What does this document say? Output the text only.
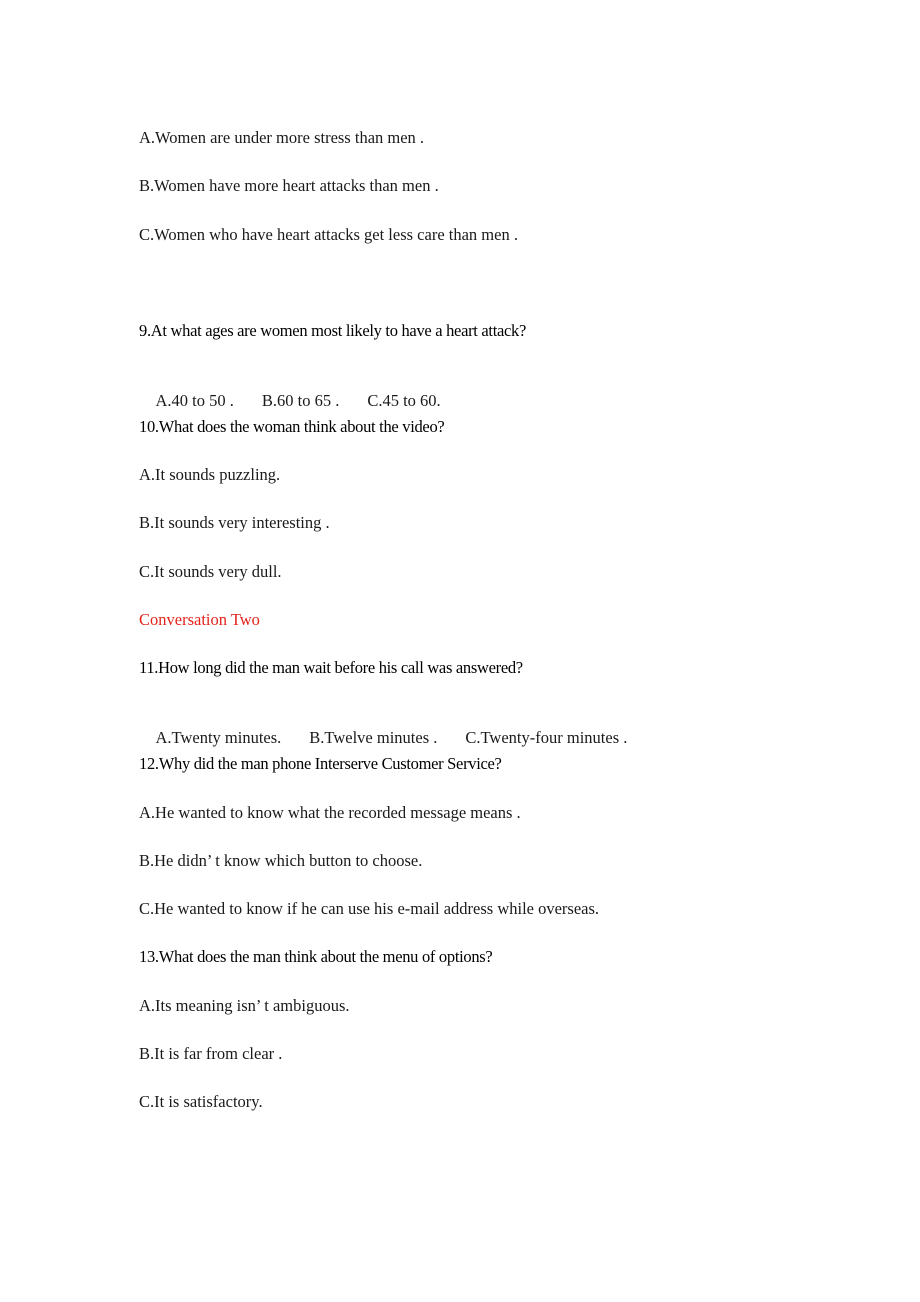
A.Women are under more stress than men .
B.Women have more heart attacks than men .
C.Women who have heart attacks get less care than men .
9.At what ages are women most likely to have a heart attack?

A.40 to 50 . B.60 to 65 . C.45 to 60.

10.What does the woman think about the video?
A.It sounds puzzling.
B.It sounds very interesting .
C.It sounds very dull.
Conversation Two
11.How long did the man wait before his call was answered?

A.Twenty minutes. B.Twelve minutes . C.Twenty-four minutes .

12.Why did the man phone Interserve Customer Service?
A.He wanted to know what the recorded message means .
B.He didn’ t know which button to choose.
C.He wanted to know if he can use his e-mail address while overseas.
13.What does the man think about the menu of options?
A.Its meaning isn’ t ambiguous.
B.It is far from clear .
C.It is satisfactory.
